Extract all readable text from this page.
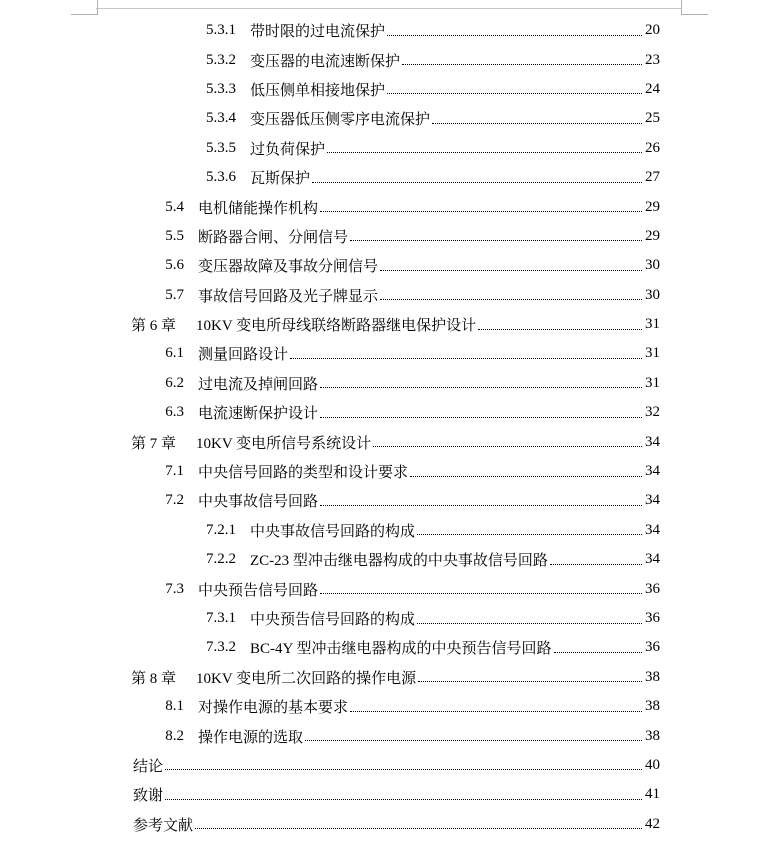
5.3.1 带时限的过电流保护	20
5.3.2 变压器的电流速断保护	23
5.3.3 低压侧单相接地保护	24
5.3.4 变压器低压侧零序电流保护	25
5.3.5 过负荷保护	26
5.3.6 瓦斯保护	27
5.4 电机储能操作机构	29
5.5 断路器合闸、分闸信号	29
5.6 变压器故障及事故分闸信号	30
5.7 事故信号回路及光子牌显示	30
第 6 章	10KV 变电所母线联络断路器继电保护设计	31
6.1 测量回路设计	31
6.2 过电流及掉闸回路	31
6.3 电流速断保护设计	32
第 7 章	10KV 变电所信号系统设计	34
7.1 中央信号回路的类型和设计要求	34
7.2 中央事故信号回路	34
7.2.1 中央事故信号回路的构成	34
7.2.2 ZC-23 型冲击继电器构成的中央事故信号回路	34
7.3 中央预告信号回路	36
7.3.1 中央预告信号回路的构成	36
7.3.2 BC-4Y 型冲击继电器构成的中央预告信号回路	36
第 8 章	10KV 变电所二次回路的操作电源	38
8.1 对操作电源的基本要求	38
8.2 操作电源的选取	38
结论	40
致谢	41
参考文献	42
